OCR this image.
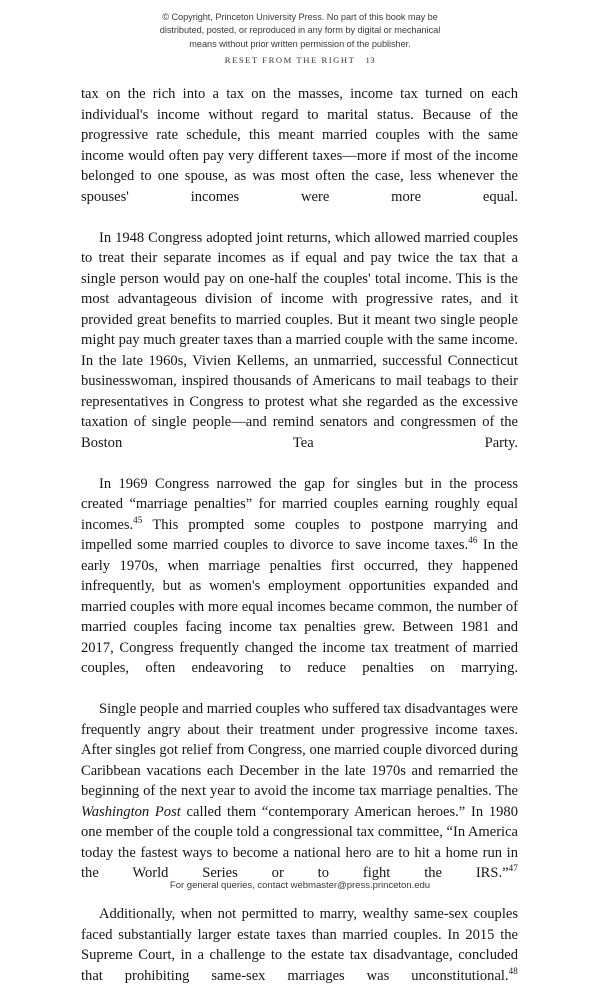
© Copyright, Princeton University Press. No part of this book may be
distributed, posted, or reproduced in any form by digital or mechanical
means without prior written permission of the publisher.
RESET FROM THE RIGHT 13

tax on the rich into a tax on the masses, income tax turned on each individual's income without regard to marital status. Because of the progressive rate schedule, this meant married couples with the same income would often pay very different taxes—more if most of the income belonged to one spouse, as was most often the case, less whenever the spouses' incomes were more equal.

In 1948 Congress adopted joint returns, which allowed married couples to treat their separate incomes as if equal and pay twice the tax that a single person would pay on one-half the couples' total income. This is the most advantageous division of income with progressive rates, and it provided great benefits to married couples. But it meant two single people might pay much greater taxes than a married couple with the same income. In the late 1960s, Vivien Kellems, an unmarried, successful Connecticut businesswoman, inspired thousands of Americans to mail teabags to their representatives in Congress to protest what she regarded as the excessive taxation of single people—and remind senators and congressmen of the Boston Tea Party.

In 1969 Congress narrowed the gap for singles but in the process created “marriage penalties” for married couples earning roughly equal incomes.$^{45}$ This prompted some couples to postpone marrying and impelled some married couples to divorce to save income taxes.$^{46}$ In the early 1970s, when marriage penalties first occurred, they happened infrequently, but as women's employment opportunities expanded and married couples with more equal incomes became common, the number of married couples facing income tax penalties grew. Between 1981 and 2017, Congress frequently changed the income tax treatment of married couples, often endeavoring to reduce penalties on marrying.

Single people and married couples who suffered tax disadvantages were frequently angry about their treatment under progressive income taxes. After singles got relief from Congress, one married couple divorced during Caribbean vacations each December in the late 1970s and remarried the beginning of the next year to avoid the income tax marriage penalties. The Washington Post called them “contemporary American heroes.” In 1980 one member of the couple told a congressional tax committee, “In America today the fastest ways to become a national hero are to hit a home run in the World Series or to fight the IRS.”$^{47}$

Additionally, when not permitted to marry, wealthy same-sex couples faced substantially larger estate taxes than married couples. In 2015 the Supreme Court, in a challenge to the estate tax disadvantage, concluded that prohibiting same-sex marriages was unconstitutional.$^{48}$

For general queries, contact webmaster@press.princeton.edu
